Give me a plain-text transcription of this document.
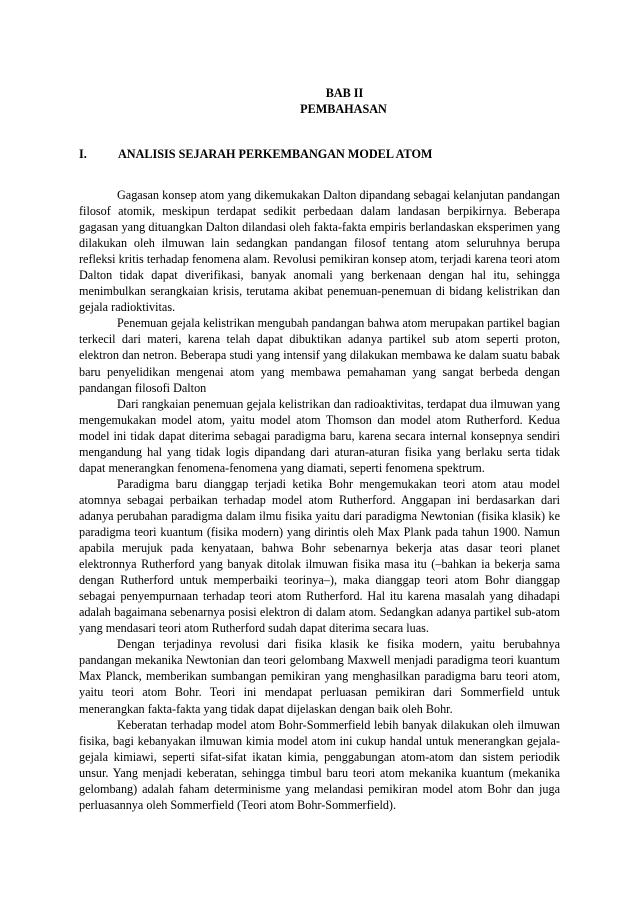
BAB II
PEMBAHASAN
I.	ANALISIS SEJARAH PERKEMBANGAN MODEL ATOM

Gagasan konsep atom yang dikemukakan Dalton dipandang sebagai kelanjutan pandangan filosof atomik, meskipun terdapat sedikit perbedaan dalam landasan berpikirnya. Beberapa gagasan yang dituangkan Dalton dilandasi oleh fakta-fakta empiris berlandaskan eksperimen yang dilakukan oleh ilmuwan lain sedangkan pandangan filosof tentang atom seluruhnya berupa refleksi kritis terhadap fenomena alam. Revolusi pemikiran konsep atom, terjadi karena teori atom Dalton tidak dapat diverifikasi, banyak anomali yang berkenaan dengan hal itu, sehingga menimbulkan serangkaian krisis, terutama akibat penemuan-penemuan di bidang kelistrikan dan gejala radioktivitas.

Penemuan gejala kelistrikan mengubah pandangan bahwa atom merupakan partikel bagian terkecil dari materi, karena telah dapat dibuktikan adanya partikel sub atom seperti proton, elektron dan netron. Beberapa studi yang intensif yang dilakukan membawa ke dalam suatu babak baru penyelidikan mengenai atom yang membawa pemahaman yang sangat berbeda dengan pandangan filosofi Dalton

Dari rangkaian penemuan gejala kelistrikan dan radioaktivitas, terdapat dua ilmuwan yang mengemukakan model atom, yaitu model atom Thomson dan model atom Rutherford. Kedua model ini tidak dapat diterima sebagai paradigma baru, karena secara internal konsepnya sendiri mengandung hal yang tidak logis dipandang dari aturan-aturan fisika yang berlaku serta tidak dapat menerangkan fenomena-fenomena yang diamati, seperti fenomena spektrum.

Paradigma baru dianggap terjadi ketika Bohr mengemukakan teori atom atau model atomnya sebagai perbaikan terhadap model atom Rutherford. Anggapan ini berdasarkan dari adanya perubahan paradigma dalam ilmu fisika yaitu dari paradigma Newtonian (fisika klasik) ke paradigma teori kuantum (fisika modern) yang dirintis oleh Max Plank pada tahun 1900. Namun apabila merujuk pada kenyataan, bahwa Bohr sebenarnya bekerja atas dasar teori planet elektronnya Rutherford yang banyak ditolak ilmuwan fisika masa itu (–bahkan ia bekerja sama dengan Rutherford untuk memperbaiki teorinya–), maka dianggap teori atom Bohr dianggap sebagai penyempurnaan terhadap teori atom Rutherford. Hal itu karena masalah yang dihadapi adalah bagaimana sebenarnya posisi elektron di dalam atom. Sedangkan adanya partikel sub-atom yang mendasari teori atom Rutherford sudah dapat diterima secara luas.

Dengan terjadinya revolusi dari fisika klasik ke fisika modern, yaitu berubahnya pandangan mekanika Newtonian dan teori gelombang Maxwell menjadi paradigma teori kuantum Max Planck, memberikan sumbangan pemikiran yang menghasilkan paradigma baru teori atom, yaitu teori atom Bohr. Teori ini mendapat perluasan pemikiran dari Sommerfield untuk menerangkan fakta-fakta yang tidak dapat dijelaskan dengan baik oleh Bohr.

Keberatan terhadap model atom Bohr-Sommerfield lebih banyak dilakukan oleh ilmuwan fisika, bagi kebanyakan ilmuwan kimia model atom ini cukup handal untuk menerangkan gejala-gejala kimiawi, seperti sifat-sifat ikatan kimia, penggabungan atom-atom dan sistem periodik unsur. Yang menjadi keberatan, sehingga timbul baru teori atom mekanika kuantum (mekanika gelombang) adalah faham determinisme yang melandasi pemikiran model atom Bohr dan juga perluasannya oleh Sommerfield (Teori atom Bohr-Sommerfield).
